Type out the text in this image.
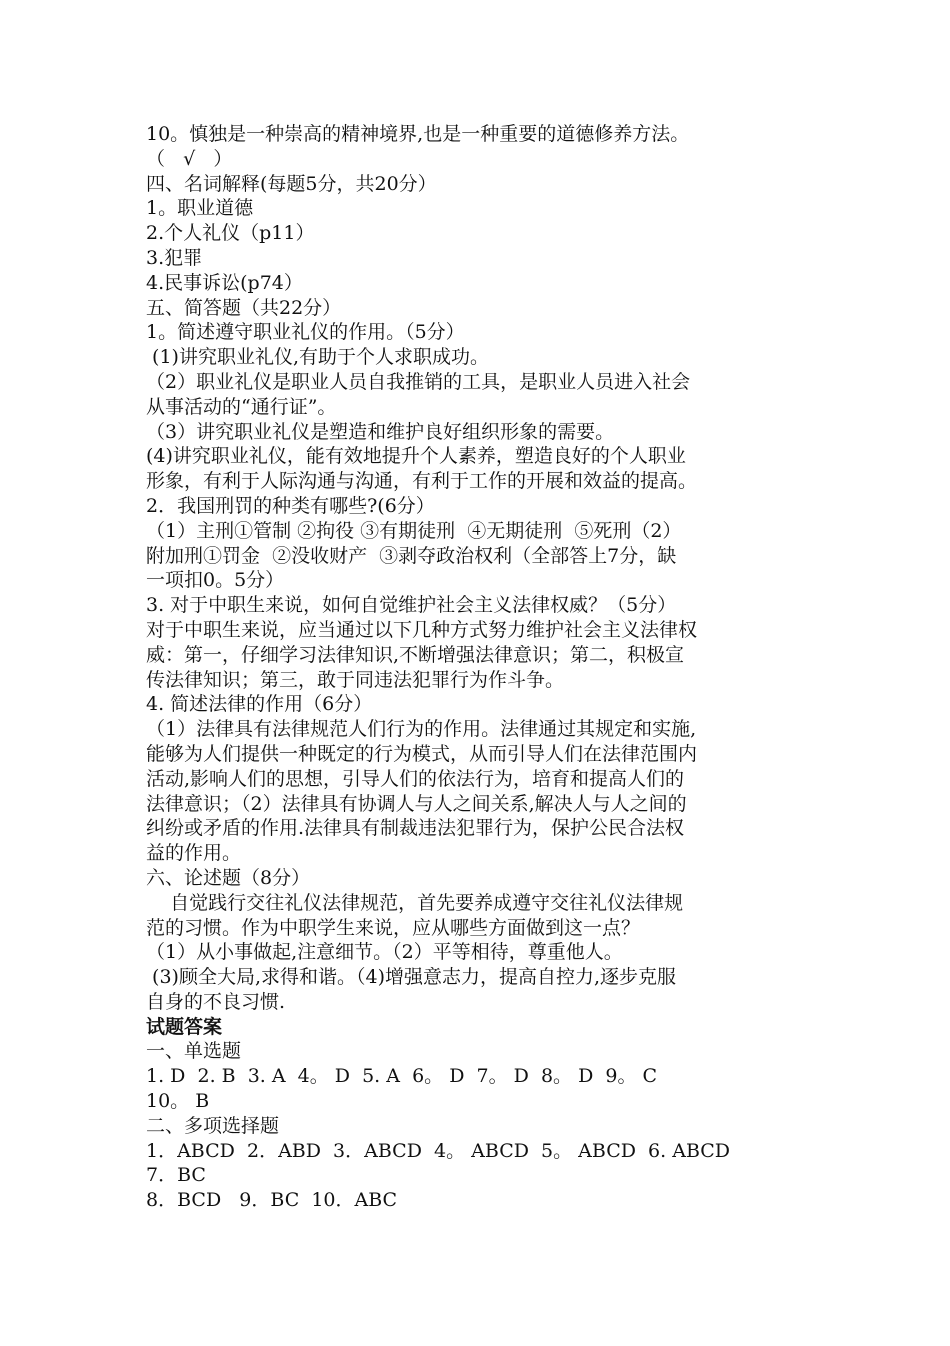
10。慎独是一种崇高的精神境界,也是一种重要的道德修养方法。
（   √   ）
四、名词解释(每题5分，共20分）
1。职业道德
2.个人礼仪（p11）
3.犯罪
4.民事诉讼(p74）
五、简答题（共22分）
1。简述遵守职业礼仪的作用。（5分）
(1)讲究职业礼仪,有助于个人求职成功。
（2）职业礼仪是职业人员自我推销的工具，是职业人员进入社会
从事活动的“通行证”。
（3）讲究职业礼仪是塑造和维护良好组织形象的需要。
(4)讲究职业礼仪，能有效地提升个人素养，塑造良好的个人职业
形象，有利于人际沟通与沟通，有利于工作的开展和效益的提高。
2．我国刑罚的种类有哪些?(6分）
（1）主刑①管制 ②拘役 ③有期徒刑  ④无期徒刑  ⑤死刑（2）
附加刑①罚金  ②没收财产  ③剥夺政治权利（全部答上7分，缺
一项扣0。5分）
3. 对于中职生来说，如何自觉维护社会主义法律权威？（5分）
对于中职生来说，应当通过以下几种方式努力维护社会主义法律权
威：第一，仔细学习法律知识,不断增强法律意识；第二，积极宣
传法律知识；第三，敢于同违法犯罪行为作斗争。
4. 简述法律的作用（6分）
（1）法律具有法律规范人们行为的作用。法律通过其规定和实施,
能够为人们提供一种既定的行为模式，从而引导人们在法律范围内
活动,影响人们的思想，引导人们的依法行为，培育和提高人们的
法律意识；（2）法律具有协调人与人之间关系,解决人与人之间的
纠纷或矛盾的作用.法律具有制裁违法犯罪行为，保护公民合法权
益的作用。
六、论述题（8分）
自觉践行交往礼仪法律规范，首先要养成遵守交往礼仪法律规
范的习惯。作为中职学生来说，应从哪些方面做到这一点？
（1）从小事做起,注意细节。（2）平等相待，尊重他人。
(3)顾全大局,求得和谐。（4)增强意志力，提高自控力,逐步克服
自身的不良习惯.
试题答案
一、单选题
1. D  2. B  3. A  4。 D  5. A  6。 D  7。 D  8。 D  9。 C
10。 B
二、多项选择题
1．ABCD  2．ABD  3．ABCD  4。 ABCD  5。 ABCD  6. ABCD
7．BC
8．BCD   9．BC  10．ABC
